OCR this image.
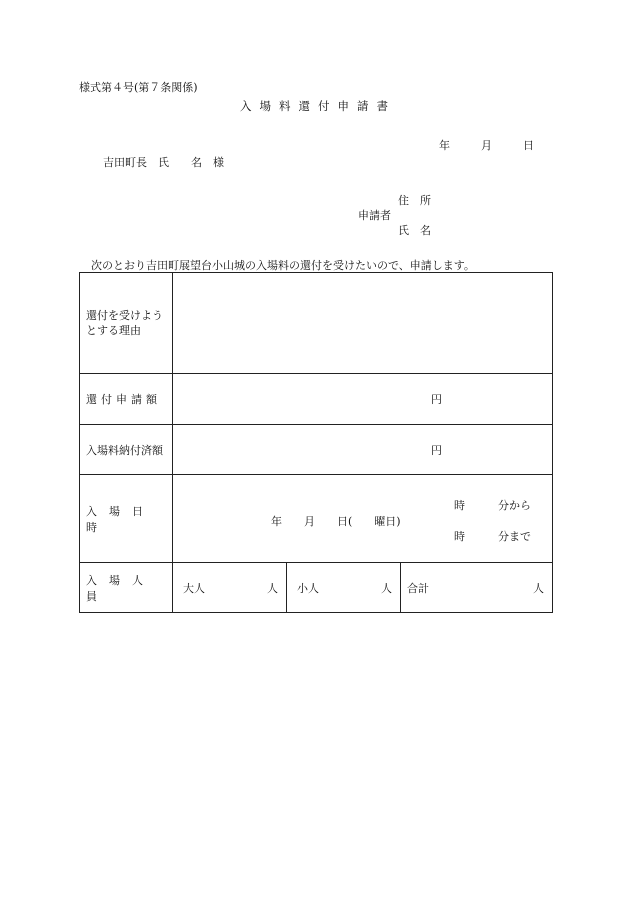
様式第４号(第７条関係)
入場料還付申請書
年	月	日
吉田町長　氏　　名　様
住　所
申請者
氏　名
次のとおり吉田町展望台小山城の入場料の還付を受けたいので、申請します。
還付を受けようとする理由			
還付申請額	円		
入場料納付済額	円		
入場日時	年　　月　　日(　　曜日)
時　　　分から
時　　　分まで		

入場人員	大人 人	小人 人	合計 人
